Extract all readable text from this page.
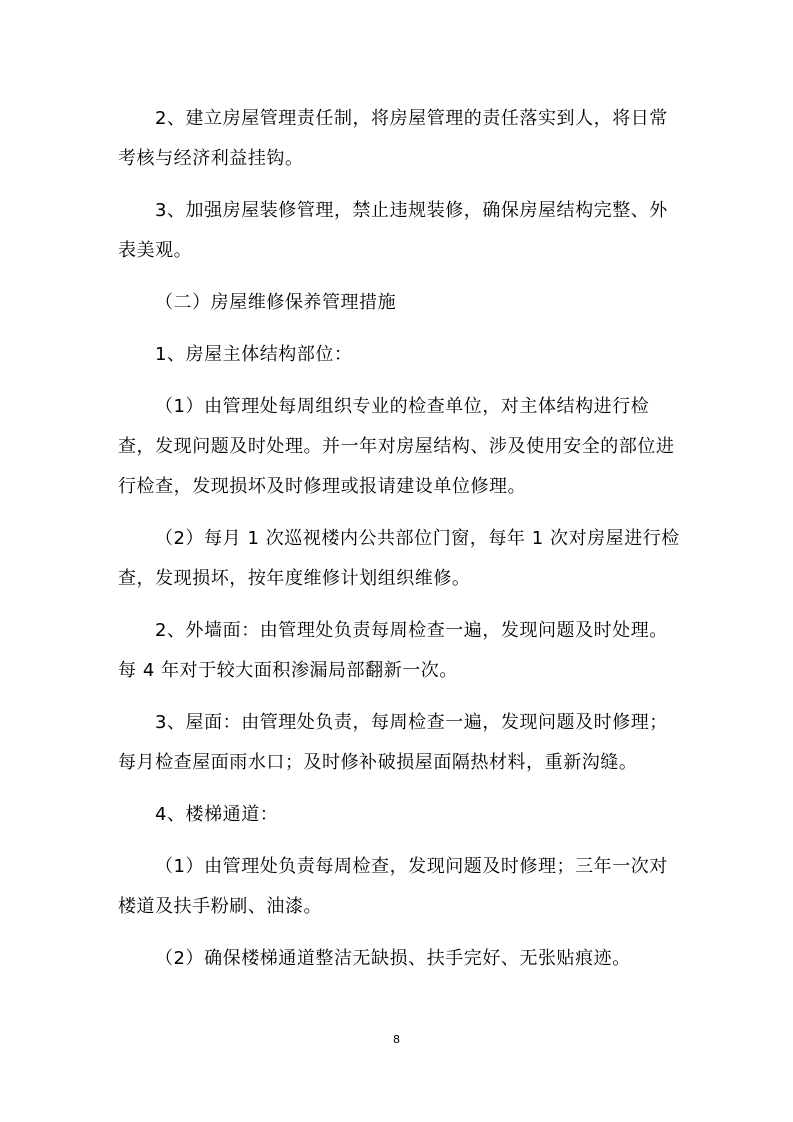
2、建立房屋管理责任制，将房屋管理的责任落实到人，将日常考核与经济利益挂钩。

3、加强房屋装修管理，禁止违规装修，确保房屋结构完整、外表美观。

（二）房屋维修保养管理措施

1、房屋主体结构部位：

（1）由管理处每周组织专业的检查单位，对主体结构进行检查，发现问题及时处理。并一年对房屋结构、涉及使用安全的部位进行检查，发现损坏及时修理或报请建设单位修理。

（2）每月 1 次巡视楼内公共部位门窗，每年 1 次对房屋进行检查，发现损坏，按年度维修计划组织维修。

2、外墙面：由管理处负责每周检查一遍，发现问题及时处理。每 4 年对于较大面积渗漏局部翻新一次。

3、屋面：由管理处负责，每周检查一遍，发现问题及时修理；每月检查屋面雨水口；及时修补破损屋面隔热材料，重新沟缝。

4、楼梯通道：

（1）由管理处负责每周检查，发现问题及时修理；三年一次对楼道及扶手粉刷、油漆。

（2）确保楼梯通道整洁无缺损、扶手完好、无张贴痕迹。

8
